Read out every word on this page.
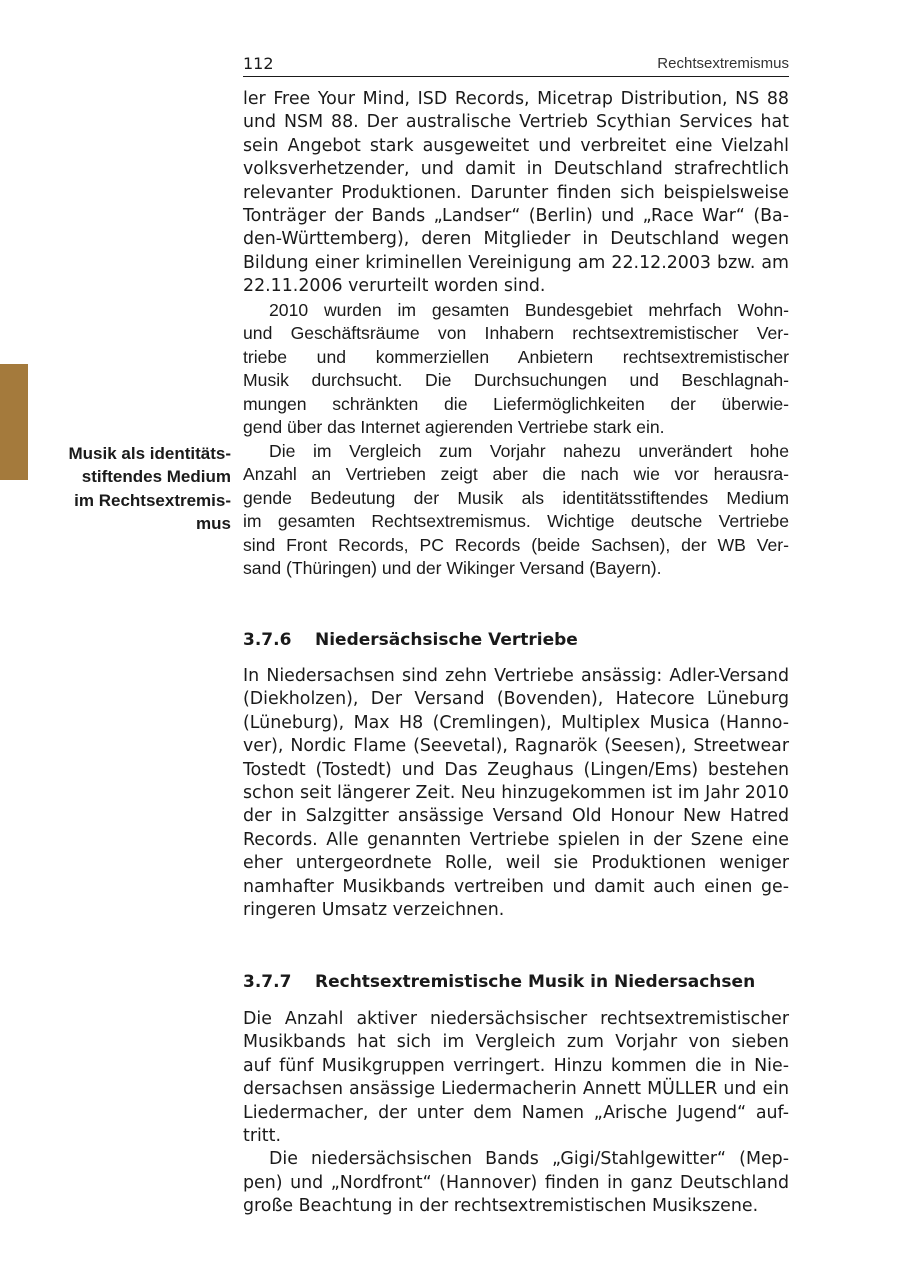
112	Rechtsextremismus
Musik als identitäts-
stiftendes Medium
im Rechtsextremis-
mus
ler Free Your Mind, ISD Records, Micetrap Distribution, NS 88
und NSM 88. Der australische Vertrieb Scythian Services hat
sein Angebot stark ausgeweitet und verbreitet eine Vielzahl
volksverhetzender, und damit in Deutschland strafrechtlich
relevanter Produktionen. Darunter finden sich beispielsweise
Tonträger der Bands „Landser“ (Berlin) und „Race War“ (Ba-
den-Württemberg), deren Mitglieder in Deutschland wegen
Bildung einer kriminellen Vereinigung am 22.12.2003 bzw. am
22.11.2006 verurteilt worden sind.
2010 wurden im gesamten Bundesgebiet mehrfach Wohn-
und Geschäftsräume von Inhabern rechtsextremistischer Ver-
triebe und kommerziellen Anbietern rechtsextremistischer
Musik durchsucht. Die Durchsuchungen und Beschlagnah-
mungen schränkten die Liefermöglichkeiten der überwie-
gend über das Internet agierenden Vertriebe stark ein.
Die im Vergleich zum Vorjahr nahezu unverändert hohe
Anzahl an Vertrieben zeigt aber die nach wie vor herausra-
gende Bedeutung der Musik als identitätsstiftendes Medium
im gesamten Rechtsextremismus. Wichtige deutsche Vertriebe
sind Front Records, PC Records (beide Sachsen), der WB Ver-
sand (Thüringen) und der Wikinger Versand (Bayern).
3.7.6 Niedersächsische Vertriebe
In Niedersachsen sind zehn Vertriebe ansässig: Adler-Versand
(Diekholzen), Der Versand (Bovenden), Hatecore Lüneburg
(Lüneburg), Max H8 (Cremlingen), Multiplex Musica (Hanno-
ver), Nordic Flame (Seevetal), Ragnarök (Seesen), Streetwear
Tostedt (Tostedt) und Das Zeughaus (Lingen/Ems) bestehen
schon seit längerer Zeit. Neu hinzugekommen ist im Jahr 2010
der in Salzgitter ansässige Versand Old Honour New Hatred
Records. Alle genannten Vertriebe spielen in der Szene eine
eher untergeordnete Rolle, weil sie Produktionen weniger
namhafter Musikbands vertreiben und damit auch einen ge-
ringeren Umsatz verzeichnen.
3.7.7 Rechtsextremistische Musik in Niedersachsen
Die Anzahl aktiver niedersächsischer rechtsextremistischer
Musikbands hat sich im Vergleich zum Vorjahr von sieben
auf fünf Musikgruppen verringert. Hinzu kommen die in Nie-
dersachsen ansässige Liedermacherin Annett MÜLLER und ein
Liedermacher, der unter dem Namen „Arische Jugend“ auf-
tritt.
Die niedersächsischen Bands „Gigi/Stahlgewitter“ (Mep-
pen) und „Nordfront“ (Hannover) finden in ganz Deutschland
große Beachtung in der rechtsextremistischen Musikszene.
